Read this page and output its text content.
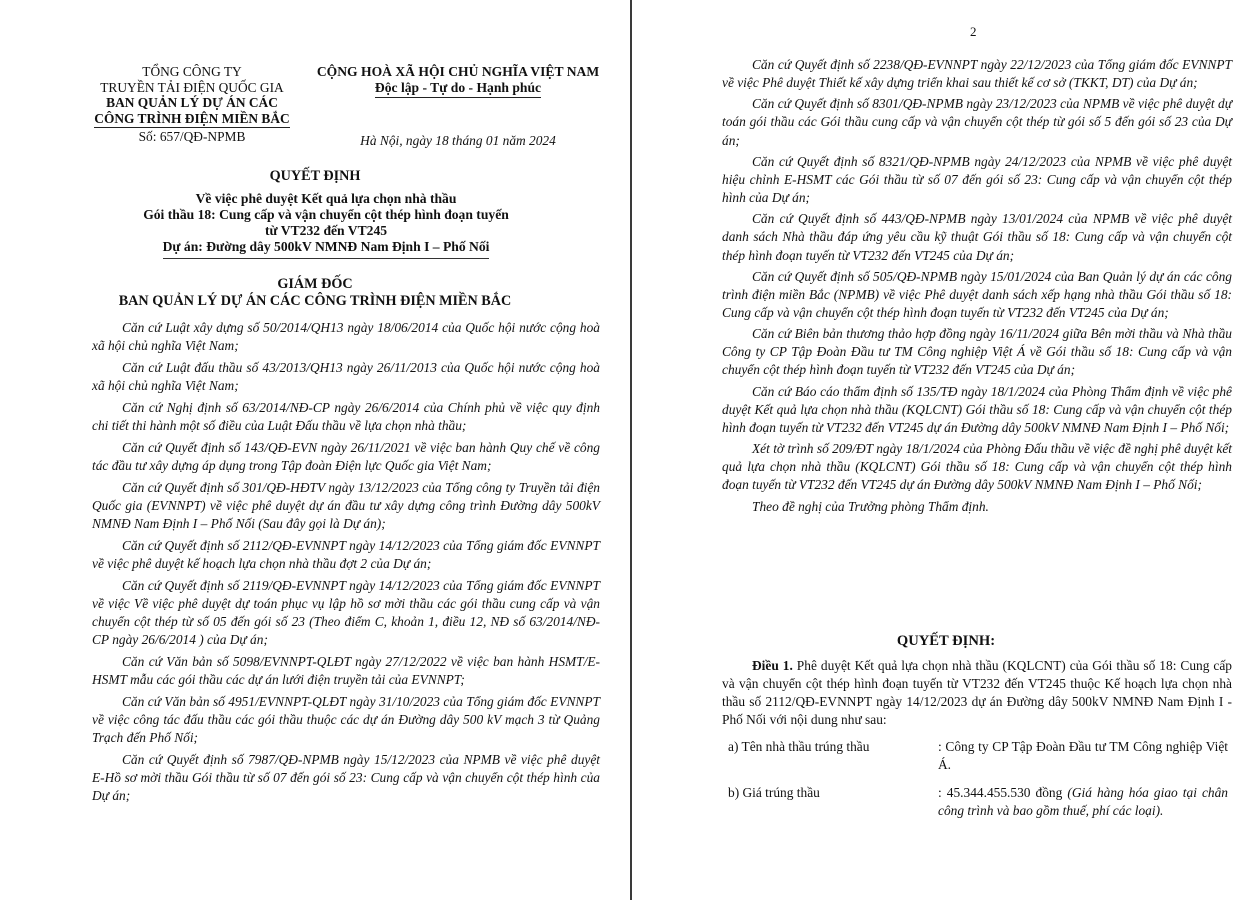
TỔNG CÔNG TY
TRUYỀN TẢI ĐIỆN QUỐC GIA
BAN QUẢN LÝ DỰ ÁN CÁC
CÔNG TRÌNH ĐIỆN MIỀN BẮC
Số: 657/QĐ-NPMB
CỘNG HOÀ XÃ HỘI CHỦ NGHĨA VIỆT NAM
Độc lập - Tự do - Hạnh phúc
Hà Nội, ngày 18 tháng 01 năm 2024
QUYẾT ĐỊNH
Về việc phê duyệt Kết quả lựa chọn nhà thầu
Gói thầu 18: Cung cấp và vận chuyển cột thép hình đoạn tuyến
từ VT232 đến VT245
Dự án: Đường dây 500kV NMNĐ Nam Định I – Phố Nối
GIÁM ĐỐC
BAN QUẢN LÝ DỰ ÁN CÁC CÔNG TRÌNH ĐIỆN MIỀN BẮC

Căn cứ Luật xây dựng số 50/2014/QH13 ngày 18/06/2014 của Quốc hội nước cộng hoà xã hội chủ nghĩa Việt Nam;

Căn cứ Luật đấu thầu số 43/2013/QH13 ngày 26/11/2013 của Quốc hội nước cộng hoà xã hội chủ nghĩa Việt Nam;

Căn cứ Nghị định số 63/2014/NĐ-CP ngày 26/6/2014 của Chính phủ về việc quy định chi tiết thi hành một số điều của Luật Đấu thầu về lựa chọn nhà thầu;

Căn cứ Quyết định số 143/QĐ-EVN ngày 26/11/2021 về việc ban hành Quy chế về công tác đầu tư xây dựng áp dụng trong Tập đoàn Điện lực Quốc gia Việt Nam;

Căn cứ Quyết định số 301/QĐ-HĐTV ngày 13/12/2023 của Tổng công ty Truyền tải điện Quốc gia (EVNNPT) về việc phê duyệt dự án đầu tư xây dựng công trình Đường dây 500kV NMNĐ Nam Định I – Phố Nối (Sau đây gọi là Dự án);

Căn cứ Quyết định số 2112/QĐ-EVNNPT ngày 14/12/2023 của Tổng giám đốc EVNNPT về việc phê duyệt kế hoạch lựa chọn nhà thầu đợt 2 của Dự án;

Căn cứ Quyết định số 2119/QĐ-EVNNPT ngày 14/12/2023 của Tổng giám đốc EVNNPT về việc Về việc phê duyệt dự toán phục vụ lập hồ sơ mời thầu các gói thầu cung cấp và vận chuyển cột thép từ số 05 đến gói số 23 (Theo điểm C, khoản 1, điều 12, NĐ số 63/2014/NĐ-CP ngày 26/6/2014 ) của Dự án;

Căn cứ Văn bản số 5098/EVNNPT-QLĐT ngày 27/12/2022 về việc ban hành HSMT/E-HSMT mẫu các gói thầu các dự án lưới điện truyền tải của EVNNPT;

Căn cứ Văn bản số 4951/EVNNPT-QLĐT ngày 31/10/2023 của Tổng giám đốc EVNNPT về việc công tác đấu thầu các gói thầu thuộc các dự án Đường dây 500 kV mạch 3 từ Quảng Trạch đến Phố Nối;

Căn cứ Quyết định số 7987/QĐ-NPMB ngày 15/12/2023 của NPMB về việc phê duyệt E-Hồ sơ mời thầu Gói thầu từ số 07 đến gói số 23: Cung cấp và vận chuyển cột thép hình của Dự án;

2

Căn cứ Quyết định số 2238/QĐ-EVNNPT ngày 22/12/2023 của Tổng giám đốc EVNNPT về việc Phê duyệt Thiết kế xây dựng triển khai sau thiết kế cơ sở (TKKT, DT) của Dự án;

Căn cứ Quyết định số 8301/QĐ-NPMB ngày 23/12/2023 của NPMB về việc phê duyệt dự toán gói thầu các Gói thầu cung cấp và vận chuyển cột thép từ gói số 5 đến gói số 23 của Dự án;

Căn cứ Quyết định số 8321/QĐ-NPMB ngày 24/12/2023 của NPMB về việc phê duyệt hiệu chỉnh E-HSMT các Gói thầu từ số 07 đến gói số 23: Cung cấp và vận chuyển cột thép hình của Dự án;

Căn cứ Quyết định số 443/QĐ-NPMB ngày 13/01/2024 của NPMB về việc phê duyệt danh sách Nhà thầu đáp ứng yêu cầu kỹ thuật Gói thầu số 18: Cung cấp và vận chuyển cột thép hình đoạn tuyến từ VT232 đến VT245 của Dự án;

Căn cứ Quyết định số 505/QĐ-NPMB ngày 15/01/2024 của Ban Quản lý dự án các công trình điện miền Bắc (NPMB) về việc Phê duyệt danh sách xếp hạng nhà thầu Gói thầu số 18: Cung cấp và vận chuyển cột thép hình đoạn tuyến từ VT232 đến VT245 của Dự án;

Căn cứ Biên bản thương thảo hợp đồng ngày 16/11/2024 giữa Bên mời thầu và Nhà thầu Công ty CP Tập Đoàn Đầu tư TM Công nghiệp Việt Á về Gói thầu số 18: Cung cấp và vận chuyển cột thép hình đoạn tuyến từ VT232 đến VT245 của Dự án;

Căn cứ Báo cáo thẩm định số 135/TĐ ngày 18/1/2024 của Phòng Thẩm định về việc phê duyệt Kết quả lựa chọn nhà thầu (KQLCNT) Gói thầu số 18: Cung cấp và vận chuyển cột thép hình đoạn tuyến từ VT232 đến VT245 dự án Đường dây 500kV NMNĐ Nam Định I – Phố Nối;

Xét tờ trình số 209/ĐT ngày 18/1/2024 của Phòng Đấu thầu về việc đề nghị phê duyệt kết quả lựa chọn nhà thầu (KQLCNT) Gói thầu số 18: Cung cấp và vận chuyển cột thép hình đoạn tuyến từ VT232 đến VT245 dự án Đường dây 500kV NMNĐ Nam Định I – Phố Nối;

Theo đề nghị của Trưởng phòng Thẩm định.

QUYẾT ĐỊNH:
Điều 1. Phê duyệt Kết quả lựa chọn nhà thầu (KQLCNT) của Gói thầu số 18: Cung cấp và vận chuyển cột thép hình đoạn tuyến từ VT232 đến VT245 thuộc Kế hoạch lựa chọn nhà thầu số 2112/QĐ-EVNNPT ngày 14/12/2023 dự án Đường dây 500kV NMNĐ Nam Định I - Phố Nối với nội dung như sau:
a) Tên nhà thầu trúng thầu	: Công ty CP Tập Đoàn Đầu tư TM Công nghiệp Việt Á.
b) Giá trúng thầu	: 45.344.455.530 đồng (Giá hàng hóa giao tại chân công trình và bao gồm thuế, phí các loại).
